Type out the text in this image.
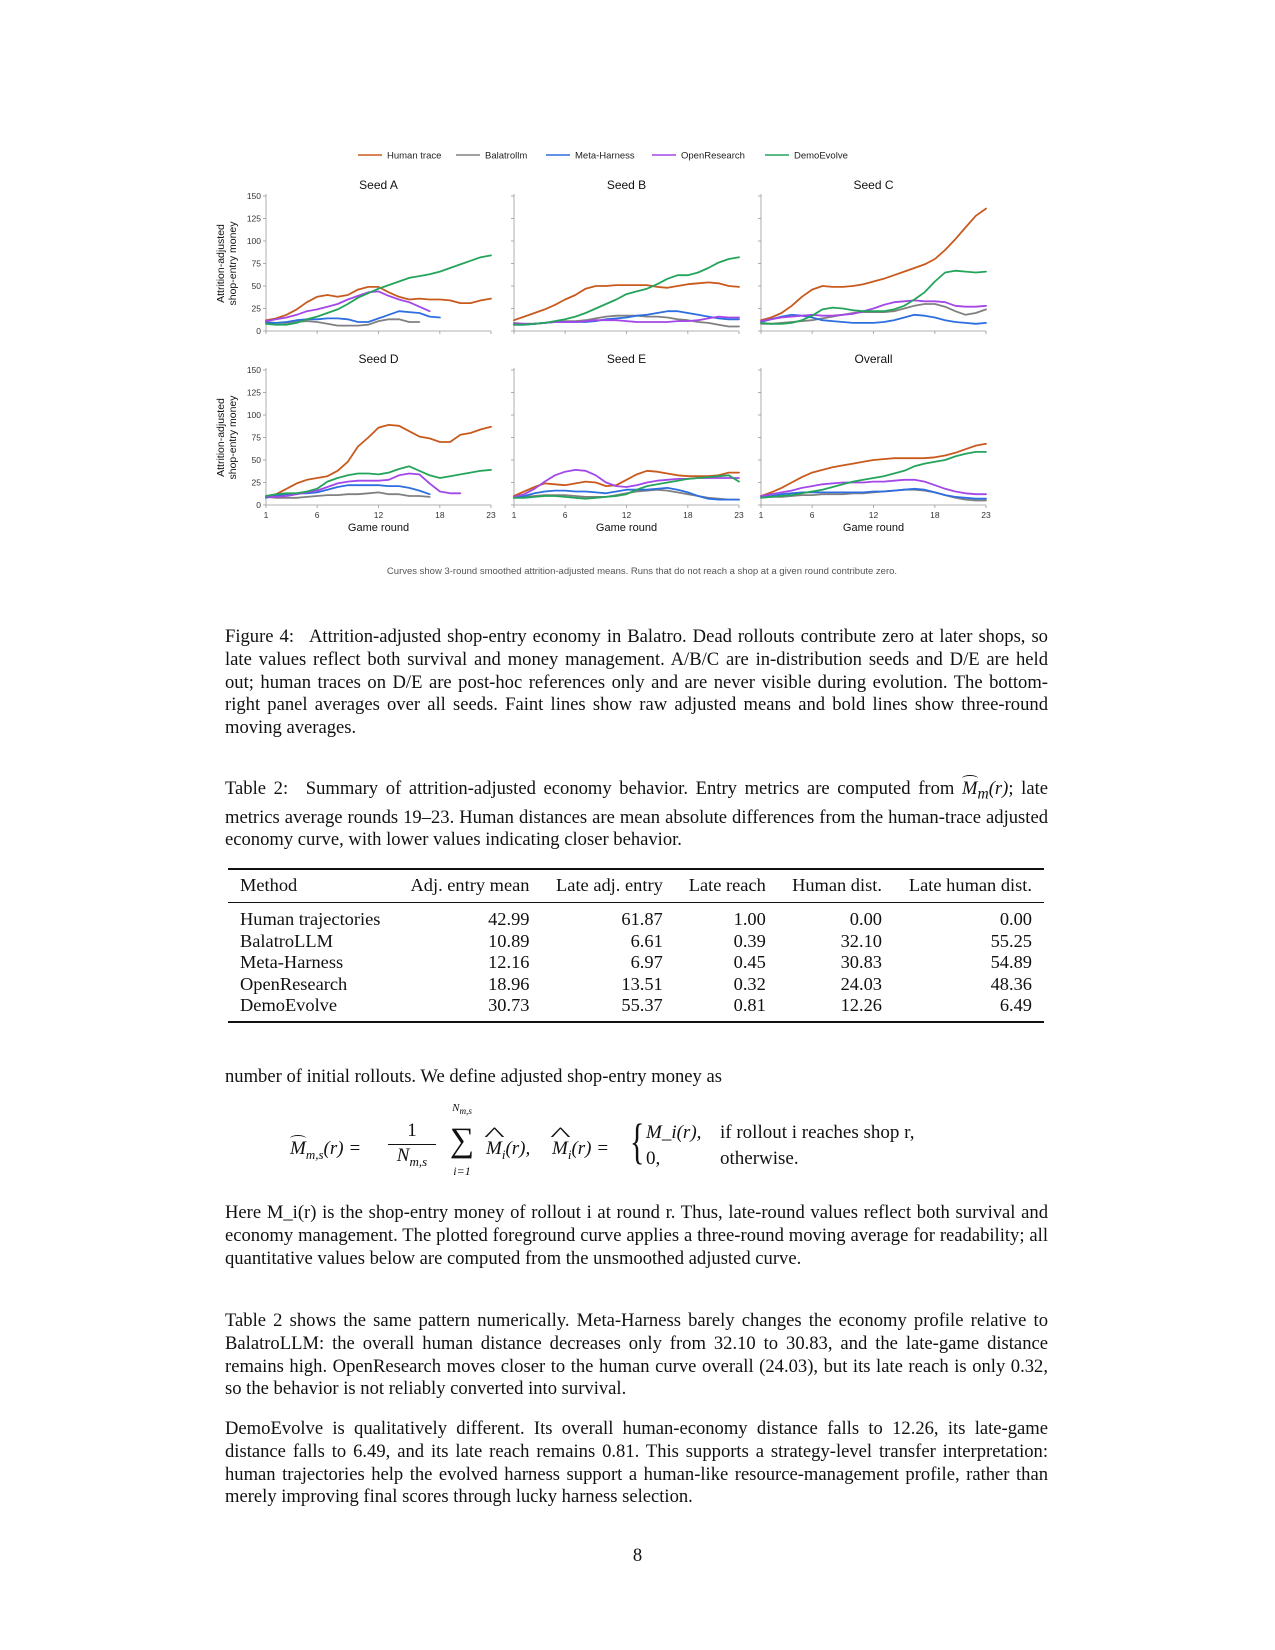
Human trace	Balatrollm	Meta-Harness	OpenResearch	DemoEvolve
Seed A
0
25
50
75
100
125
150
Attrition-adjustedshop-entry money
Seed B	Seed C
Seed D
0
25
50
75
100
125
150
1	6	12	18	23
Game round
Attrition-adjustedshop-entry money
Seed E
1	6	12	18	23
Game round
Overall
1	6	12	18	23
Game round
Curves show 3-round smoothed attrition-adjusted means. Runs that do not reach a shop at a given round contribute zero.
Figure 4: Attrition-adjusted shop-entry economy in Balatro. Dead rollouts contribute zero at later shops, so late values reflect both survival and money management. A/B/C are in-distribution seeds and D/E are held out; human traces on D/E are post-hoc references only and are never visible during evolution. The bottom-right panel averages over all seeds. Faint lines show raw adjusted means and bold lines show three-round moving averages.
Table 2: Summary of attrition-adjusted economy behavior. Entry metrics are computed from $M_m(r)$; late metrics average rounds 19–23. Human distances are mean absolute differences from the human-trace adjusted economy curve, with lower values indicating closer behavior.
Method	Adj. entry mean	Late adj. entry	Late reach	Human dist.	Late human dist.
Human trajectories	42.99	61.87	1.00	0.00	0.00
BalatroLLM	10.89	6.61	0.39	32.10	55.25
Meta-Harness	12.16	6.97	0.45	30.83	54.89
OpenResearch	18.96	13.51	0.32	24.03	48.36
DemoEvolve	30.73	55.37	0.81	12.26	6.49

number of initial rollouts. We define adjusted shop-entry money as

$M_{m,s}(r)$ =
1
$N_{m,s}$
$N_{m,s}$
∑
i=1
^ $M_i(r)$, ^ $M_i(r)$ = { M_i(r), if rollout i reaches shop r,
0,	otherwise.

Here M_i(r) is the shop-entry money of rollout i at round r. Thus, late-round values reflect both survival and economy management. The plotted foreground curve applies a three-round moving average for readability; all quantitative values below are computed from the unsmoothed adjusted curve.

Table 2 shows the same pattern numerically. Meta-Harness barely changes the economy profile relative to BalatroLLM: the overall human distance decreases only from 32.10 to 30.83, and the late-game distance remains high. OpenResearch moves closer to the human curve overall (24.03), but its late reach is only 0.32, so the behavior is not reliably converted into survival.

DemoEvolve is qualitatively different. Its overall human-economy distance falls to 12.26, its late-game distance falls to 6.49, and its late reach remains 0.81. This supports a strategy-level transfer interpretation: human trajectories help the evolved harness support a human-like resource-management profile, rather than merely improving final scores through lucky harness selection.

8
